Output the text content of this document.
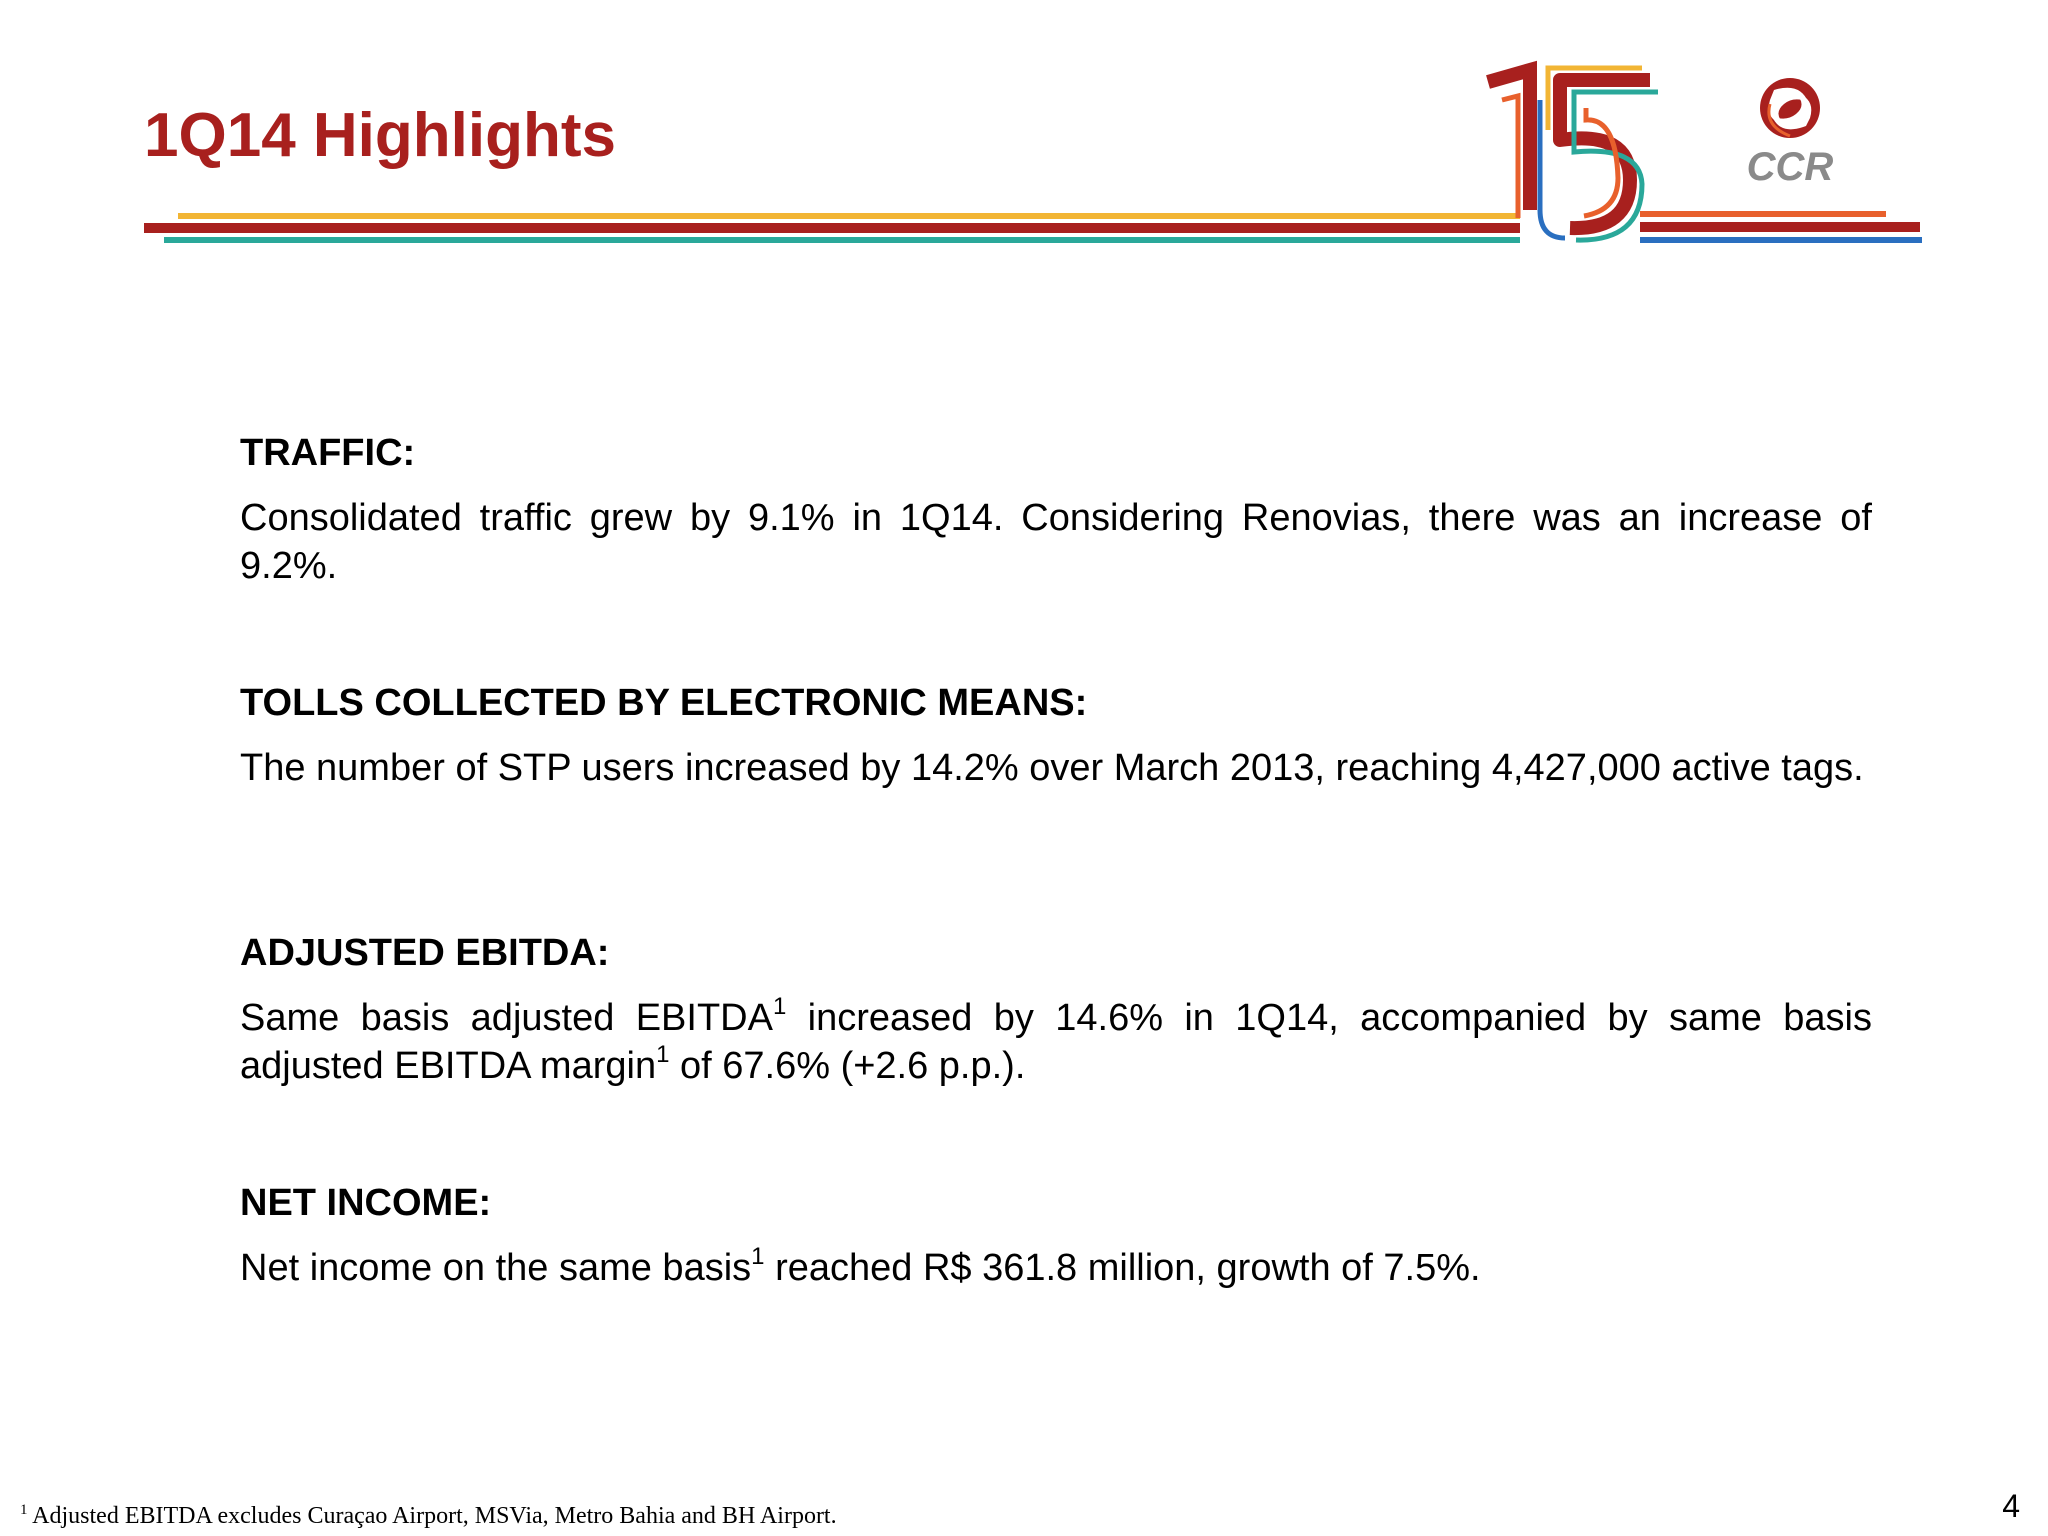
CCR
1Q14 Highlights

TRAFFIC:

Consolidated traffic grew by 9.1% in 1Q14. Considering Renovias, there was an increase of 9.2%.

TOLLS COLLECTED BY ELECTRONIC MEANS:

The number of STP users increased by 14.2% over March 2013, reaching 4,427,000 active tags.

ADJUSTED EBITDA:

Same basis adjusted EBITDA$^1$ increased by 14.6% in 1Q14, accompanied by same basis adjusted EBITDA margin$^1$ of 67.6% (+2.6 p.p.).

NET INCOME:

Net income on the same basis$^1$ reached R$ 361.8 million, growth of 7.5%.

$^1$ Adjusted EBITDA excludes Curaçao Airport, MSVia, Metro Bahia and BH Airport.	4
